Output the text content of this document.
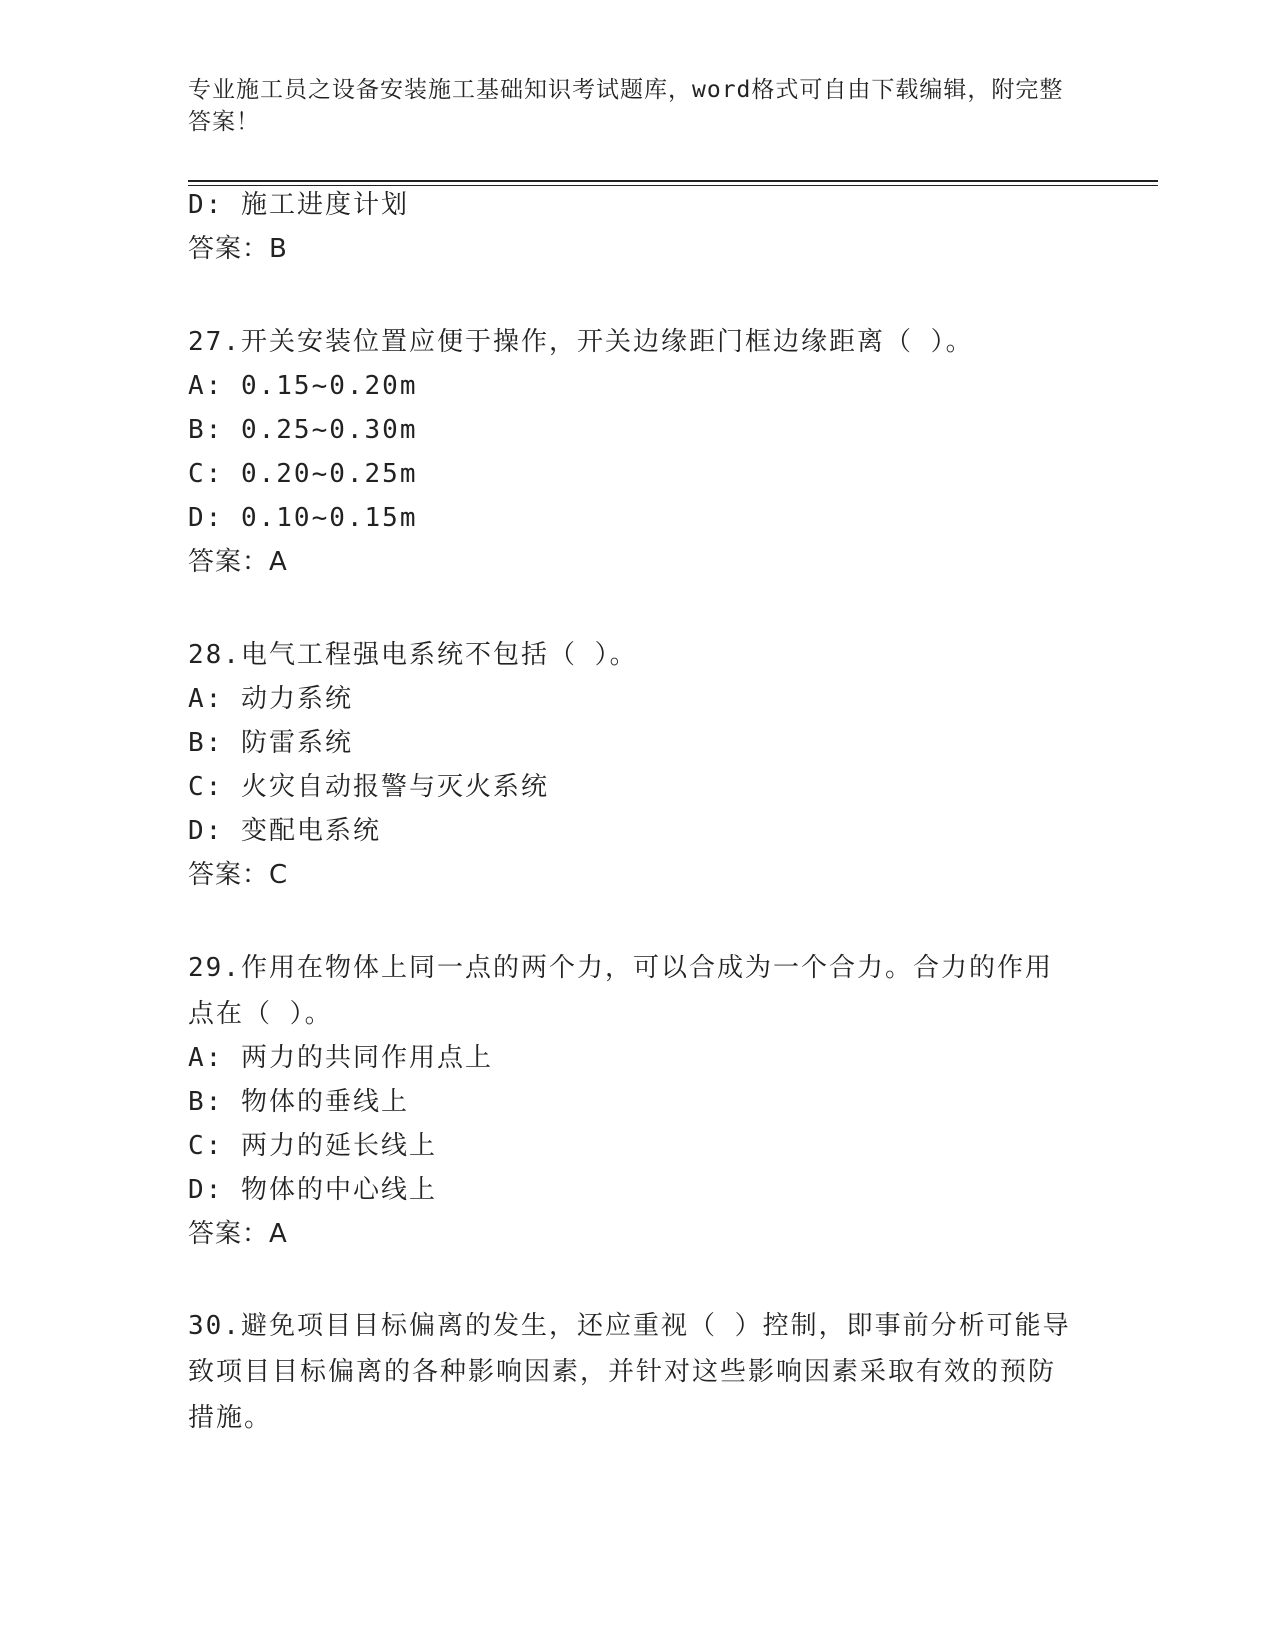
专业施工员之设备安装施工基础知识考试题库，word格式可自由下载编辑，附完整答案！
D: 施工进度计划
答案：B
27.开关安装位置应便于操作，开关边缘距门框边缘距离（ ）。
A: 0.15~0.20m
B: 0.25~0.30m
C: 0.20~0.25m
D: 0.10~0.15m
答案：A
28.电气工程强电系统不包括（ ）。
A: 动力系统
B: 防雷系统
C: 火灾自动报警与灭火系统
D: 变配电系统
答案：C
29.作用在物体上同一点的两个力，可以合成为一个合力。合力的作用点在（ ）。
A: 两力的共同作用点上
B: 物体的垂线上
C: 两力的延长线上
D: 物体的中心线上
答案：A
30.避免项目目标偏离的发生，还应重视（ ）控制，即事前分析可能导致项目目标偏离的各种影响因素，并针对这些影响因素采取有效的预防措施。
